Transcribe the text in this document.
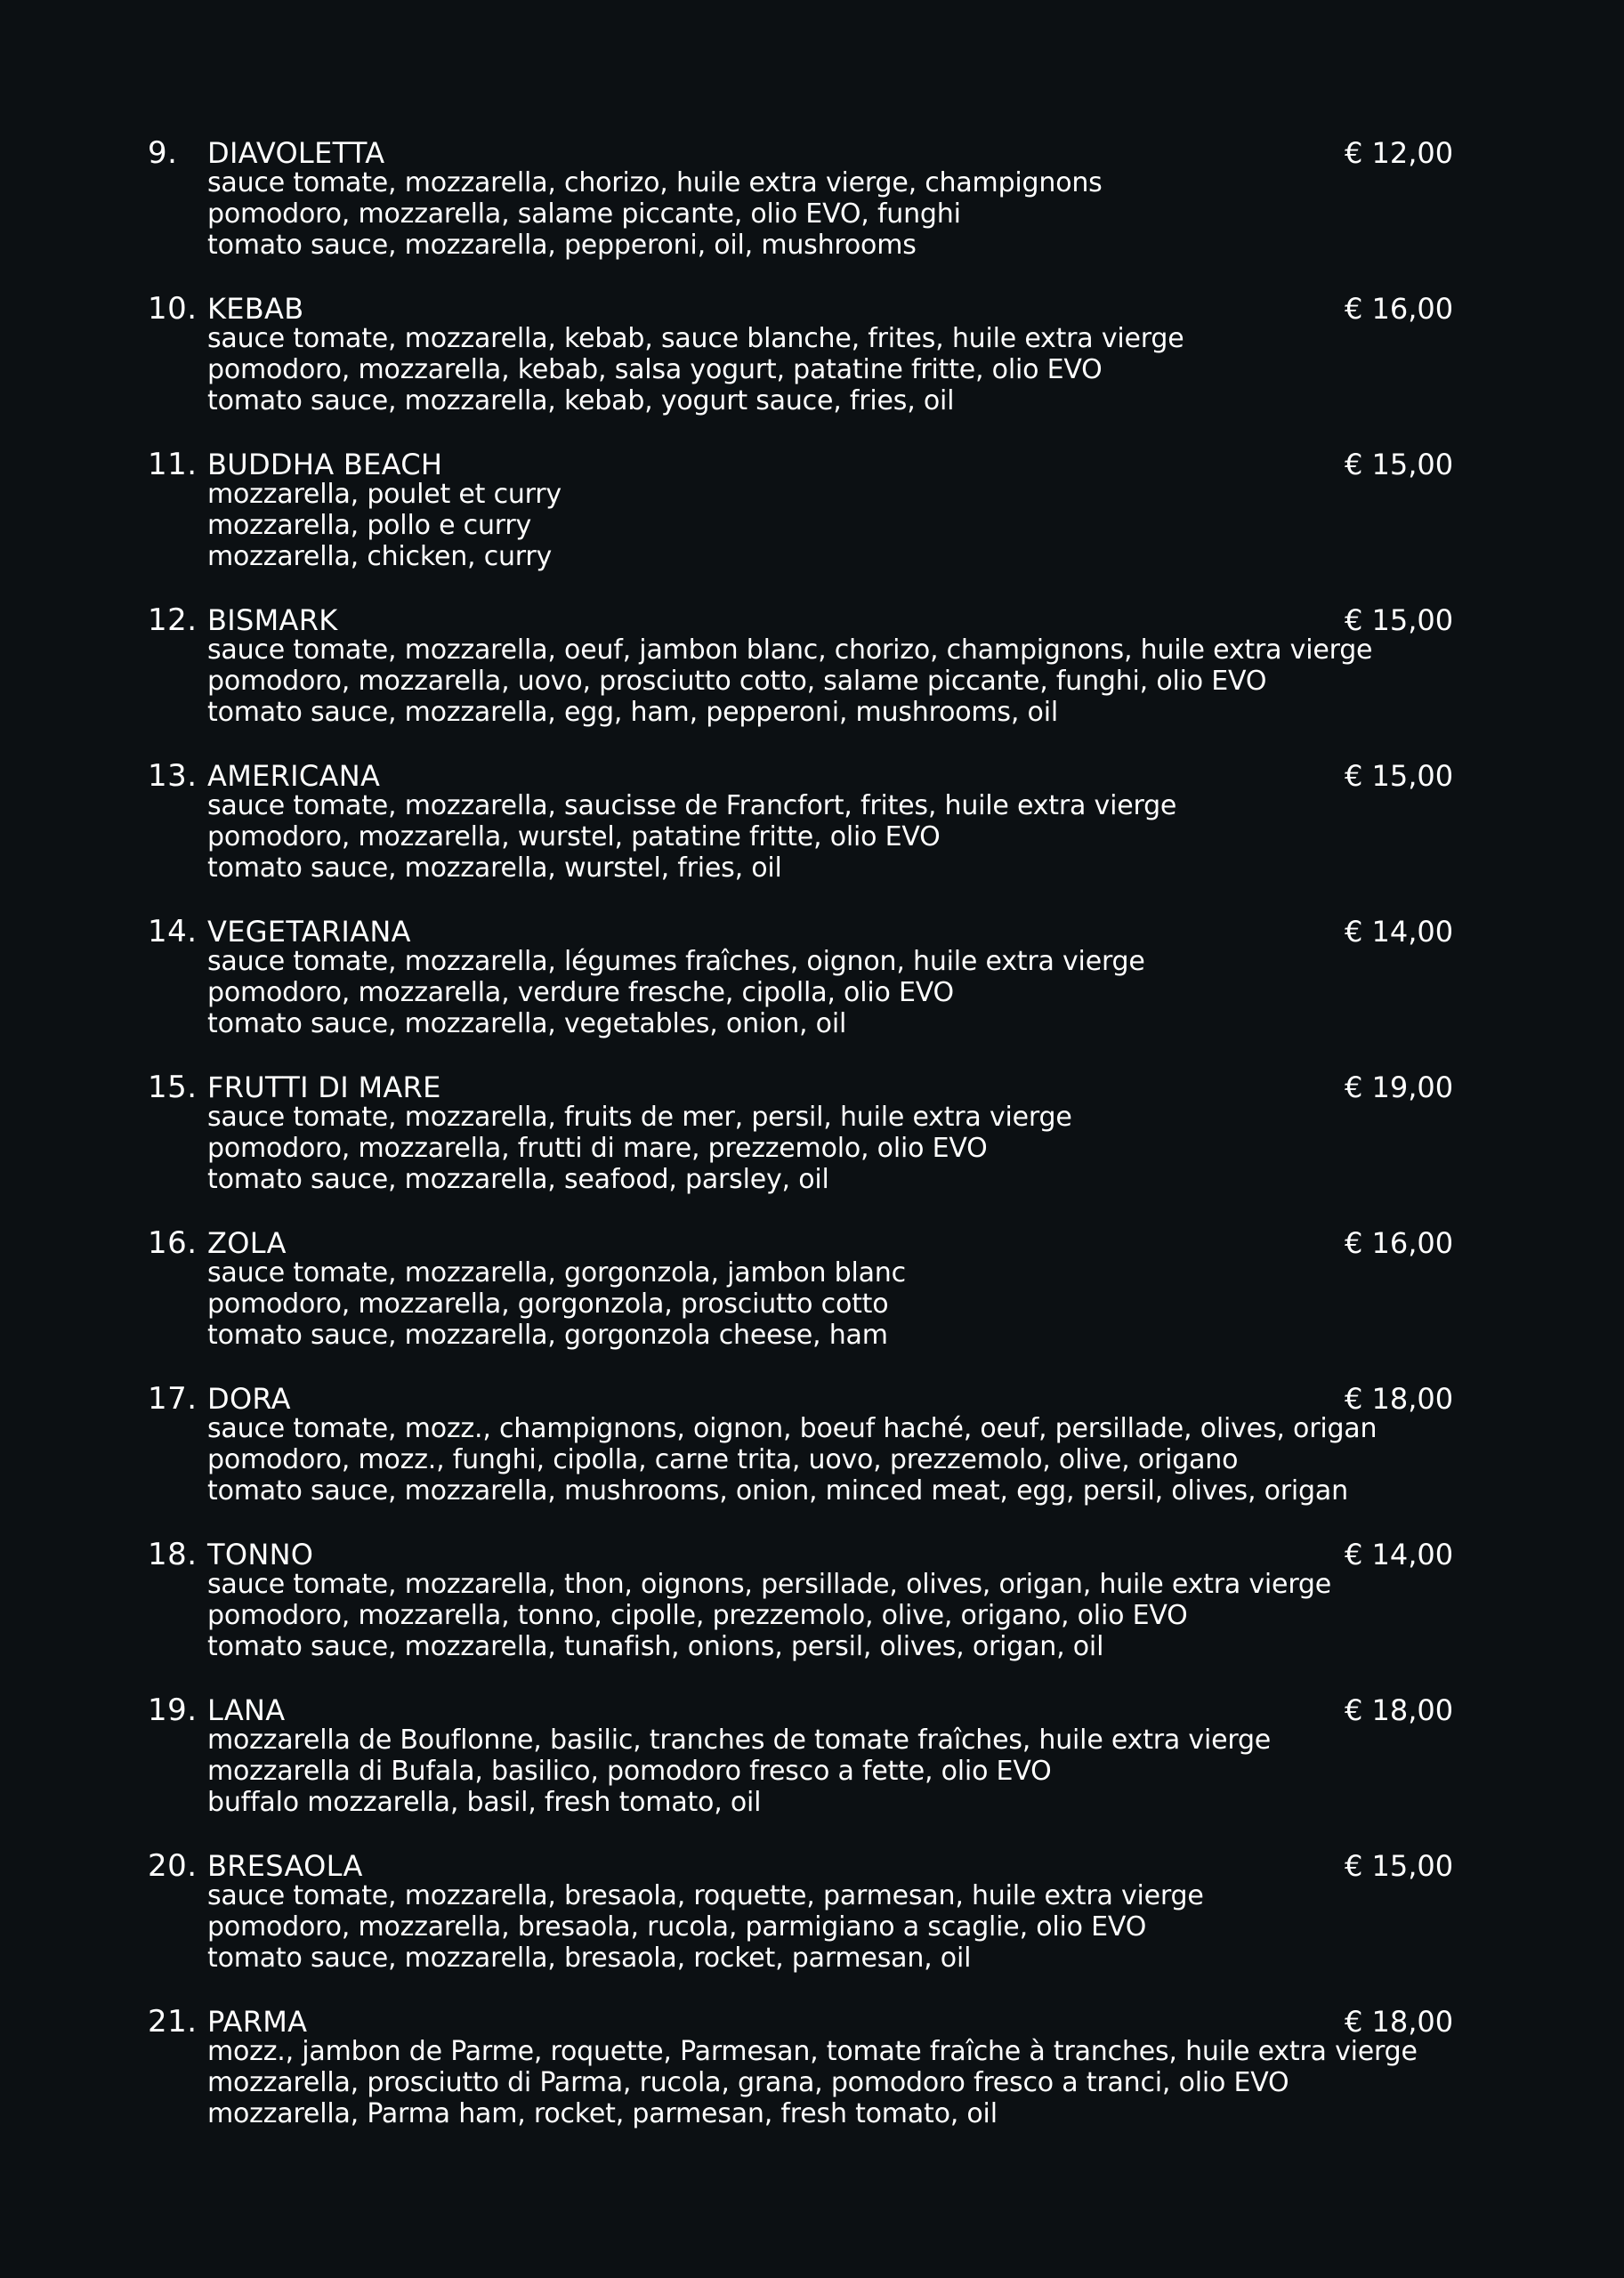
9. DIAVOLETTA	€ 12,00
sauce tomate, mozzarella, chorizo, huile extra vierge, champignons
pomodoro, mozzarella, salame piccante, olio EVO, funghi
tomato sauce, mozzarella, pepperoni, oil, mushrooms
10. KEBAB	€ 16,00
sauce tomate, mozzarella, kebab, sauce blanche, frites, huile extra vierge
pomodoro, mozzarella, kebab, salsa yogurt, patatine fritte, olio EVO
tomato sauce, mozzarella, kebab, yogurt sauce, fries, oil
11. BUDDHA BEACH	€ 15,00
mozzarella, poulet et curry
mozzarella, pollo e curry
mozzarella, chicken, curry
12. BISMARK	€ 15,00
sauce tomate, mozzarella, oeuf, jambon blanc, chorizo, champignons, huile extra vierge
pomodoro, mozzarella, uovo, prosciutto cotto, salame piccante, funghi, olio EVO
tomato sauce, mozzarella, egg, ham, pepperoni, mushrooms, oil
13. AMERICANA	€ 15,00
sauce tomate, mozzarella, saucisse de Francfort, frites, huile extra vierge
pomodoro, mozzarella, wurstel, patatine fritte, olio EVO
tomato sauce, mozzarella, wurstel, fries, oil
14. VEGETARIANA	€ 14,00
sauce tomate, mozzarella, légumes fraîches, oignon, huile extra vierge
pomodoro, mozzarella, verdure fresche, cipolla, olio EVO
tomato sauce, mozzarella, vegetables, onion, oil
15. FRUTTI DI MARE	€ 19,00
sauce tomate, mozzarella, fruits de mer, persil, huile extra vierge
pomodoro, mozzarella, frutti di mare, prezzemolo, olio EVO
tomato sauce, mozzarella, seafood, parsley, oil
16. ZOLA	€ 16,00
sauce tomate, mozzarella, gorgonzola, jambon blanc
pomodoro, mozzarella, gorgonzola, prosciutto cotto
tomato sauce, mozzarella, gorgonzola cheese, ham
17. DORA	€ 18,00
sauce tomate, mozz., champignons, oignon, boeuf haché, oeuf, persillade, olives, origan
pomodoro, mozz., funghi, cipolla, carne trita, uovo, prezzemolo, olive, origano
tomato sauce, mozzarella, mushrooms, onion, minced meat, egg, persil, olives, origan
18. TONNO	€ 14,00
sauce tomate, mozzarella, thon, oignons, persillade, olives, origan, huile extra vierge
pomodoro, mozzarella, tonno, cipolle, prezzemolo, olive, origano, olio EVO
tomato sauce, mozzarella, tunafish, onions, persil, olives, origan, oil
19. LANA	€ 18,00
mozzarella de Bouflonne, basilic, tranches de tomate fraîches, huile extra vierge
mozzarella di Bufala, basilico, pomodoro fresco a fette, olio EVO
buffalo mozzarella, basil, fresh tomato, oil
20. BRESAOLA	€ 15,00
sauce tomate, mozzarella, bresaola, roquette, parmesan, huile extra vierge
pomodoro, mozzarella, bresaola, rucola, parmigiano a scaglie, olio EVO
tomato sauce, mozzarella, bresaola, rocket, parmesan, oil
21. PARMA	€ 18,00
mozz., jambon de Parme, roquette, Parmesan, tomate fraîche à tranches, huile extra vierge
mozzarella, prosciutto di Parma, rucola, grana, pomodoro fresco a tranci, olio EVO
mozzarella, Parma ham, rocket, parmesan, fresh tomato, oil
